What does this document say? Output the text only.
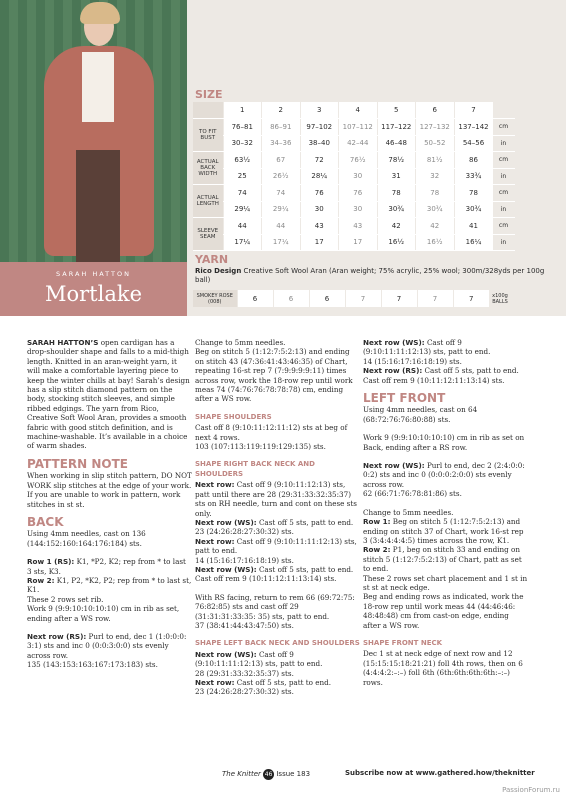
SARAH HATTON
Mortlake
SIZE
	1	2	3	4	5	6	7	
TO FIT BUST	76–81	86–91	97–102	107–112	117–122	127–132	137–142	cm
	30–32	34–36	38–40	42–44	46–48	50–52	54–56	in
ACTUAL BACK WIDTH	63½	67	72	76½	78½	81½	86	cm
	25	26½	28¼	30	31	32	33¾	in
ACTUAL LENGTH	74	74	76	76	78	78	78	cm
	29¼	29¼	30	30	30¾	30¾	30¾	in
SLEEVE SEAM	44	44	43	43	42	42	41	cm
	17¼	17¼	17	17	16½	16½	16¼	in
YARN
Rico Design Creative Soft Wool Aran (Aran weight; 75% acrylic, 25% wool; 300m/328yds per 100g ball)
SMOKEY ROSE (008)	6	6	6	7	7	7	7	x100g BALLS

SARAH HATTON’S open cardigan has a drop-shoulder shape and falls to a mid-thigh length. Knitted in an aran-weight yarn, it will make a comfortable layering piece to keep the winter chills at bay! Sarah’s design has a slip stitch diamond pattern on the body, stocking stitch sleeves, and simple ribbed edgings. The yarn from Rico, Creative Soft Wool Aran, provides a smooth fabric with good stitch definition, and is machine-washable. It’s available in a choice of warm shades.

PATTERN NOTE

When working in slip stitch pattern, DO NOT WORK slip stitches at the edge of your work. If you are unable to work in pattern, work stitches in st st.

BACK

Using 4mm needles, cast on 136 (144:152:160:164:176:184) sts.

Row 1 (RS): K1, *P2, K2; rep from * to last 3 sts, K3.
Row 2: K1, P2, *K2, P2; rep from * to last st, K1.
These 2 rows set rib.
Work 9 (9:9:10:10:10:10) cm in rib as set, ending after a WS row.

Next row (RS): Purl to end, dec 1 (1:0:0:0: 3:1) sts and inc 0 (0:0:3:0:0) sts evenly across row.
135 (143:153:163:167:173:183) sts.

Change to 5mm needles.
Beg on stitch 5 (1:12:7:5:2:13) and ending on stitch 43 (47:36:41:43:46:35) of Chart, repeating 16-st rep 7 (7:9:9:9:9:11) times across row, work the 18-row rep until work meas 74 (74:76:76:78:78:78) cm, ending after a WS row.

SHAPE SHOULDERS

Cast off 8 (9:10:11:12:11:12) sts at beg of next 4 rows.
103 (107:113:119:119:129:135) sts.

SHAPE RIGHT BACK NECK AND SHOULDERS

Next row: Cast off 9 (9:10:11:12:13) sts, patt until there are 28 (29:31:33:32:35:37) sts on RH needle, turn and cont on these sts only.
Next row (WS): Cast off 5 sts, patt to end.
23 (24:26:28:27:30:32) sts.
Next row: Cast off 9 (9:10:11:11:12:13) sts, patt to end.
14 (15:16:17:16:18:19) sts.
Next row (WS): Cast off 5 sts, patt to end.
Cast off rem 9 (10:11:12:11:13:14) sts.

With RS facing, return to rem 66 (69:72:75: 76:82:85) sts and cast off 29 (31:31:31:33:35: 35) sts, patt to end.
37 (38:41:44:43:47:50) sts.

SHAPE LEFT BACK NECK AND SHOULDERS

Next row (WS): Cast off 9 (9:10:11:11:12:13) sts, patt to end.
28 (29:31:33:32:35:37) sts.
Next row: Cast off 5 sts, patt to end.
23 (24:26:28:27:30:32) sts.

Next row (WS): Cast off 9 (9:10:11:11:12:13) sts, patt to end.
14 (15:16:17:16:18:19) sts.
Next row (RS): Cast off 5 sts, patt to end.
Cast off rem 9 (10:11:12:11:13:14) sts.

LEFT FRONT

Using 4mm needles, cast on 64 (68:72:76:76:80:88) sts.

Work 9 (9:9:10:10:10:10) cm in rib as set on Back, ending after a RS row.

Next row (WS): Purl to end, dec 2 (2:4:0:0: 0:2) sts and inc 0 (0:0:0:2:0:0) sts evenly across row.
62 (66:71:76:78:81:86) sts.

Change to 5mm needles.
Row 1: Beg on stitch 5 (1:12:7:5:2:13) and ending on stitch 37 of Chart, work 16-st rep 3 (3:4:4:4:4:5) times across the row, K1.
Row 2: P1, beg on stitch 33 and ending on stitch 5 (1:12:7:5:2:13) of Chart, patt as set to end.
These 2 rows set chart placement and 1 st in st st at neck edge.
Beg and ending rows as indicated, work the 18-row rep until work meas 44 (44:46:46: 48:48:48) cm from cast-on edge, ending after a WS row.

SHAPE FRONT NECK

Dec 1 st at neck edge of next row and 12 (15:15:15:18:21:21) foll 4th rows, then on 6 (4:4:4:2:–:–) foll 6th (6th:6th:6th:6th:–:–) rows.

The Knitter 46 Issue 183	Subscribe now at www.gathered.how/theknitter
PassionForum.ru
